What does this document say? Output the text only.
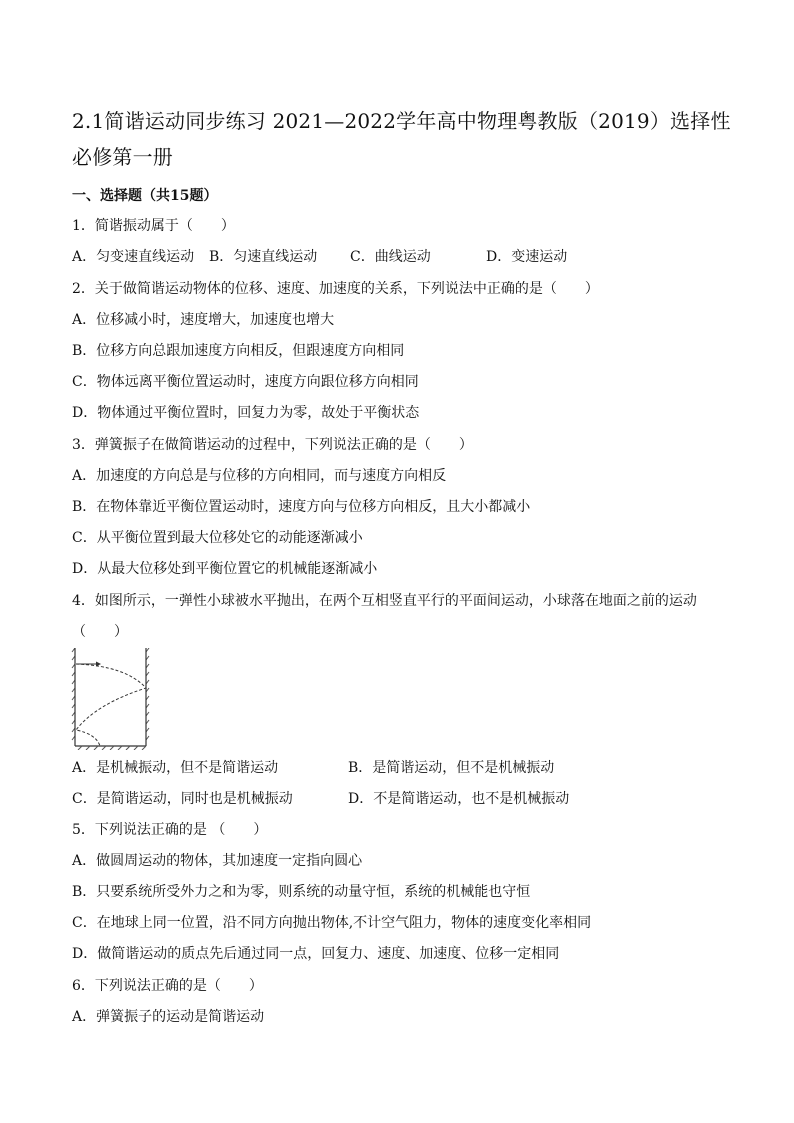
2.1简谐运动同步练习 2021—2022学年高中物理粤教版（2019）选择性必修第一册
一、选择题（共15题）
1．简谐振动属于（　　）
A．匀变速直线运动 B．匀速直线运动 C．曲线运动	D．变速运动
2．关于做简谐运动物体的位移、速度、加速度的关系，下列说法中正确的是（　　）
A．位移减小时，速度增大，加速度也增大
B．位移方向总跟加速度方向相反，但跟速度方向相同
C．物体远离平衡位置运动时，速度方向跟位移方向相同
D．物体通过平衡位置时，回复力为零，故处于平衡状态
3．弹簧振子在做简谐运动的过程中，下列说法正确的是（　　）
A．加速度的方向总是与位移的方向相同，而与速度方向相反
B．在物体靠近平衡位置运动时，速度方向与位移方向相反，且大小都减小
C．从平衡位置到最大位移处它的动能逐渐减小
D．从最大位移处到平衡位置它的机械能逐渐减小
4．如图所示，一弹性小球被水平抛出，在两个互相竖直平行的平面间运动，小球落在地面之前的运动
（　　）
A．是机械振动，但不是简谐运动	B．是简谐运动，但不是机械振动
C．是简谐运动，同时也是机械振动	D．不是简谐运动，也不是机械振动
5．下列说法正确的是 （　　）
A．做圆周运动的物体，其加速度一定指向圆心
B．只要系统所受外力之和为零，则系统的动量守恒，系统的机械能也守恒
C．在地球上同一位置，沿不同方向抛出物体,不计空气阻力，物体的速度变化率相同
D．做简谐运动的质点先后通过同一点，回复力、速度、加速度、位移一定相同
6．下列说法正确的是（　　）
A．弹簧振子的运动是简谐运动
